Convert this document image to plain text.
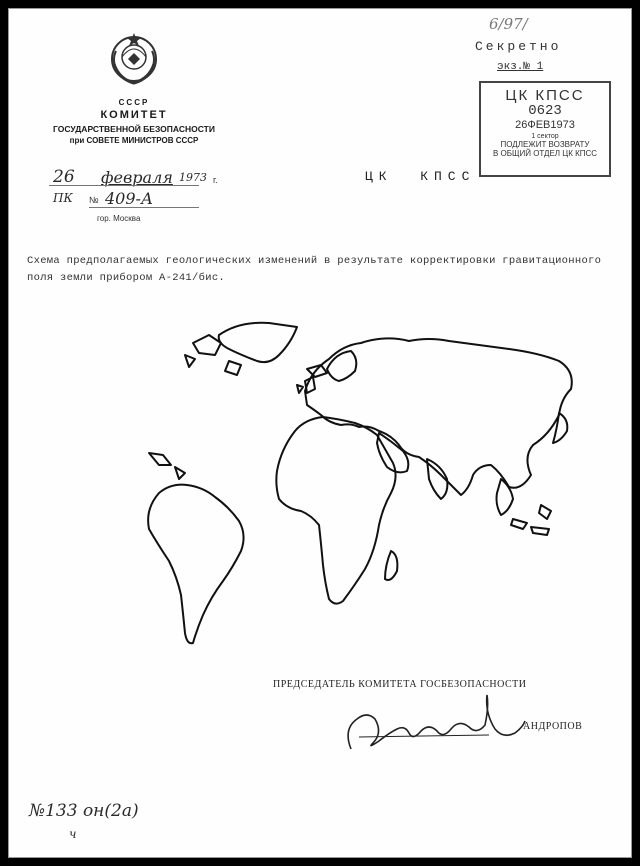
СССР
КОМИТЕТ
ГОСУДАРСТВЕННОЙ БЕЗОПАСНОСТИ
при СОВЕТЕ МИНИСТРОВ СССР
26 февраля 1973 г.
ПК № 409-А
гор. Москва
6/97/
Секретно
экз.№ 1
ЦК КПСС
0623
26ФЕВ1973
1 сектор
ПОДЛЕЖИТ ВОЗВРАТУ
В ОБЩИЙ ОТДЕЛ ЦК КПСС
ЦК  КПСС
Схема предполагаемых геологических изменений в результате корректировки гравитационного поля земли прибором А-241/бис.
ПРЕДСЕДАТЕЛЬ КОМИТЕТА ГОСБЕЗОПАСНОСТИ
АНДРОПОВ
№133 он(2а)
ч
